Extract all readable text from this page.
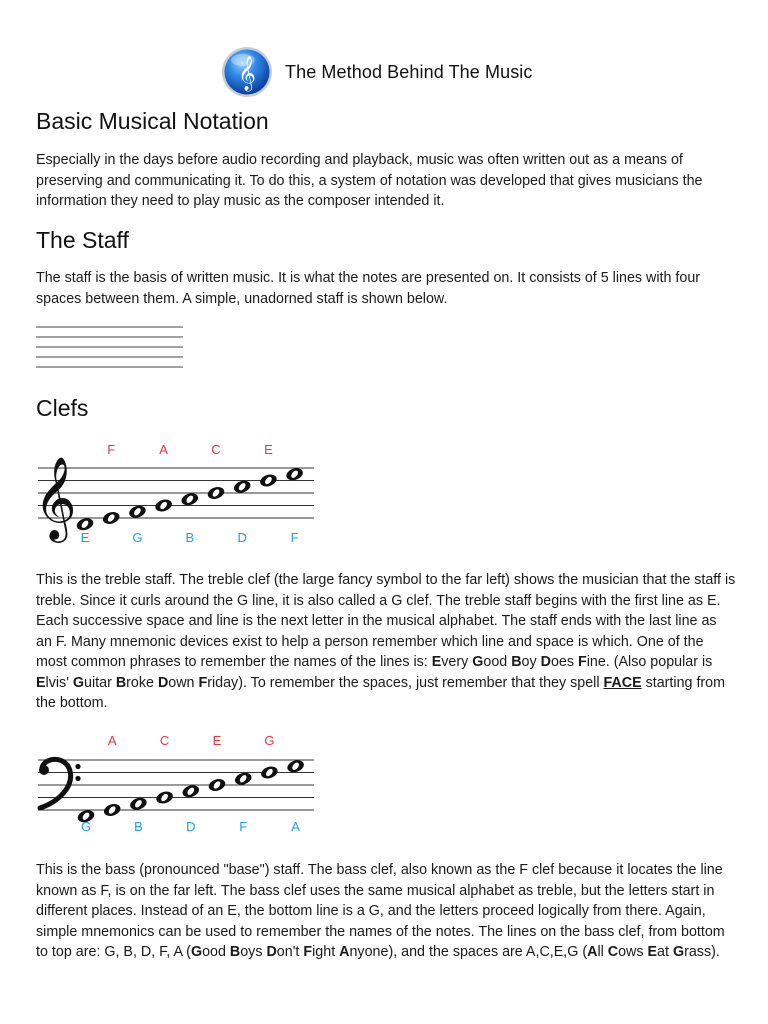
𝄞 The Method Behind The Music
Basic Musical Notation

Especially in the days before audio recording and playback, music was often written out as a means of preserving and communicating it. To do this, a system of notation was developed that gives musicians the information they need to play music as the composer intended it.

The Staff

The staff is the basis of written music. It is what the notes are presented on. It consists of 5 lines with four spaces between them. A simple, unadorned staff is shown below.

Clefs
𝄞
F	A	C	E
E	G	B	D	F

This is the treble staff. The treble clef (the large fancy symbol to the far left) shows the musician that the staff is treble. Since it curls around the G line, it is also called a G clef. The treble staff begins with the first line as E. Each successive space and line is the next letter in the musical alphabet. The staff ends with the last line as an F. Many mnemonic devices exist to help a person remember which line and space is which. One of the most common phrases to remember the names of the lines is: Every Good Boy Does Fine. (Also popular is Elvis' Guitar Broke Down Friday). To remember the spaces, just remember that they spell FACE starting from the bottom.

A	C	E	G
G	B	D	F	A

This is the bass (pronounced "base") staff. The bass clef, also known as the F clef because it locates the line known as F, is on the far left. The bass clef uses the same musical alphabet as treble, but the letters start in different places. Instead of an E, the bottom line is a G, and the letters proceed logically from there. Again, simple mnemonics can be used to remember the names of the notes. The lines on the bass clef, from bottom to top are: G, B, D, F, A (Good Boys Don't Fight Anyone), and the spaces are A,C,E,G (All Cows Eat Grass).
